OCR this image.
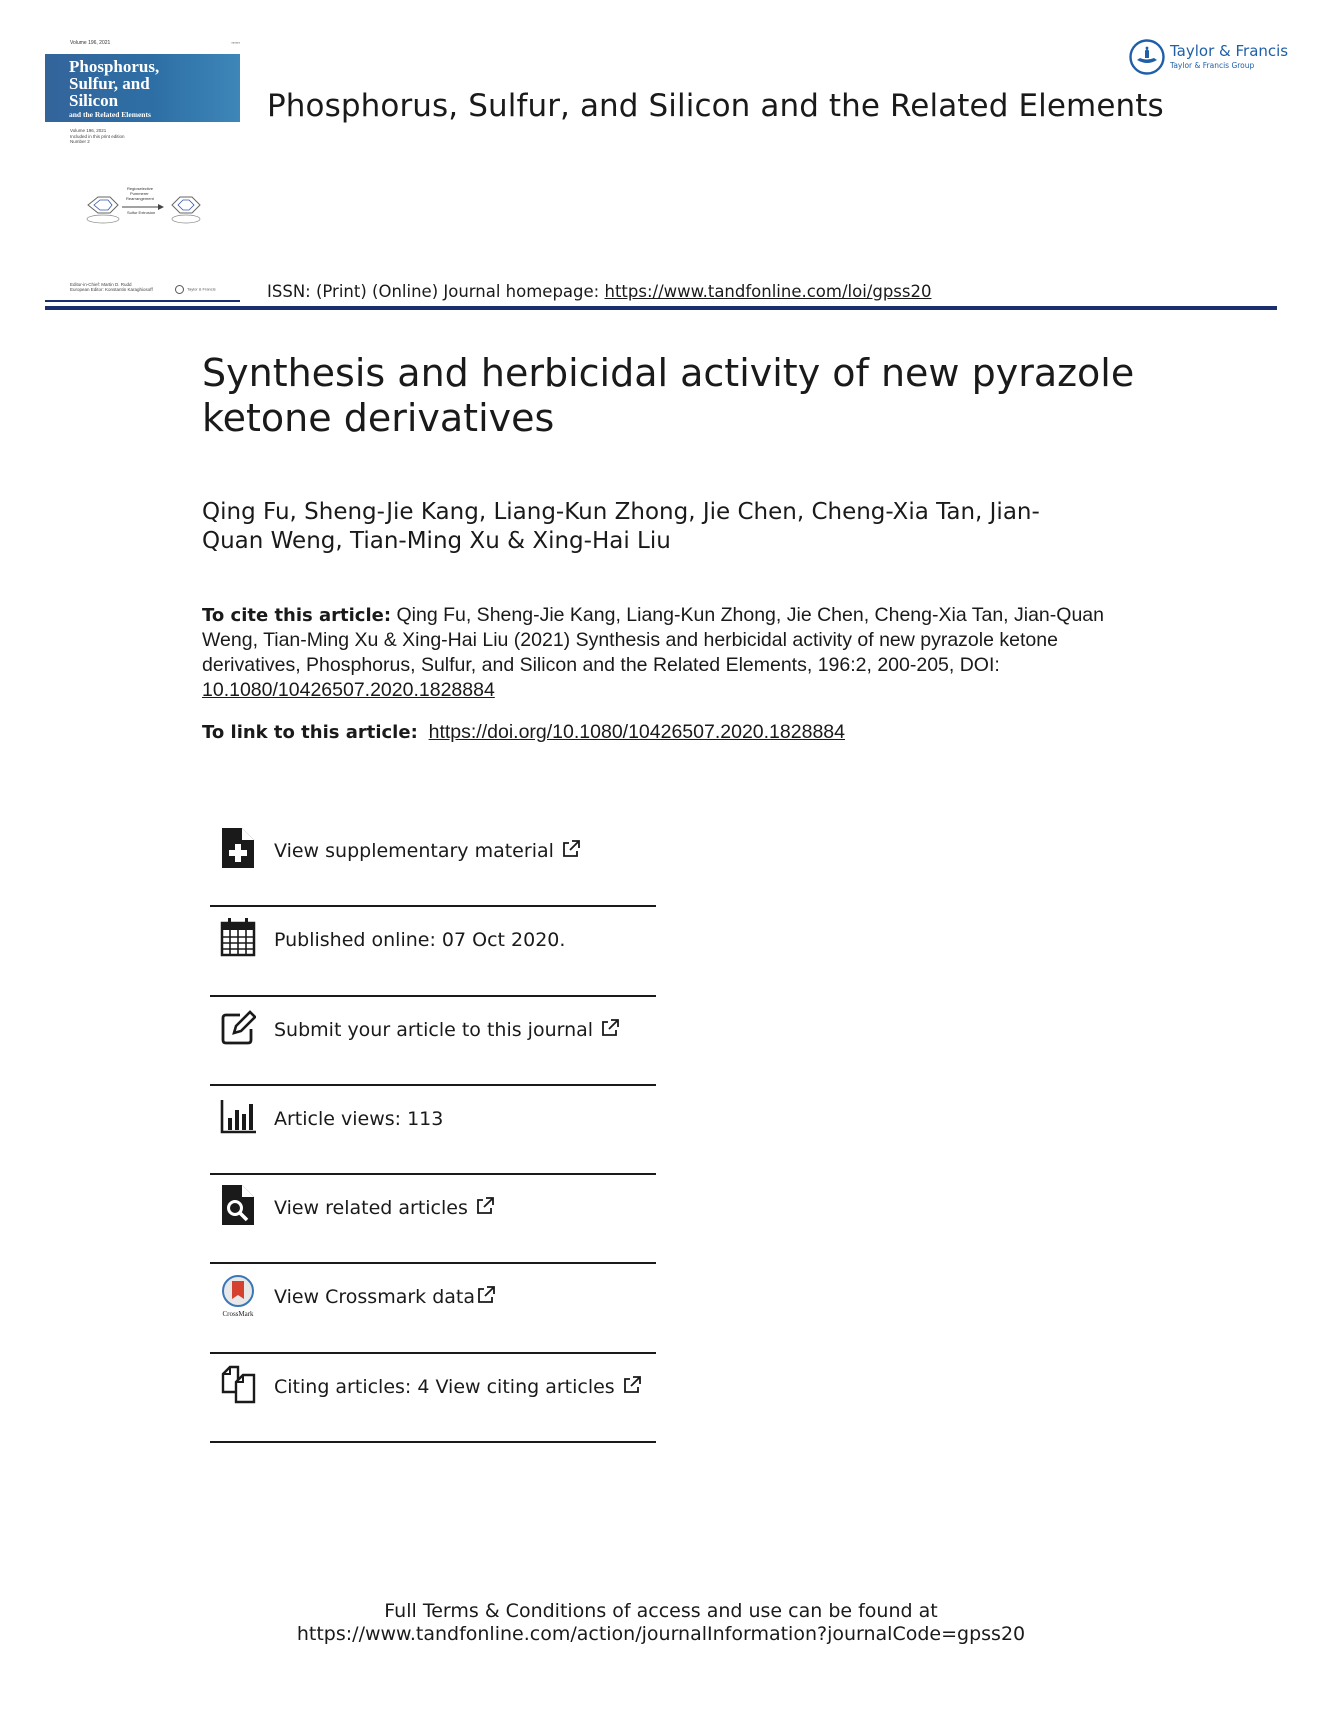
Volume 196, 2021	▪▪▪▪▪▪
Phosphorus,
Sulfur, and
Silicon
and the Related Elements
Volume 196, 2021
Included in this print edition
Number 2
Regioselective
Pummerer
Rearrangement
Sulfur Extrusion
Editor-in-Chief: Martin D. Rudd
European Editor: Konstantin Karaghiosoff	Taylor & Francis
Phosphorus, Sulfur, and Silicon and the Related Elements
Taylor & Francis
Taylor & Francis Group
ISSN: (Print) (Online) Journal homepage: https://www.tandfonline.com/loi/gpss20
Synthesis and herbicidal activity of new pyrazole ketone derivatives
Qing Fu, Sheng-Jie Kang, Liang-Kun Zhong, Jie Chen, Cheng-Xia Tan, Jian-Quan Weng, Tian-Ming Xu & Xing-Hai Liu
To cite this article: Qing Fu, Sheng-Jie Kang, Liang-Kun Zhong, Jie Chen, Cheng-Xia Tan, Jian-Quan Weng, Tian-Ming Xu & Xing-Hai Liu (2021) Synthesis and herbicidal activity of new pyrazole ketone derivatives, Phosphorus, Sulfur, and Silicon and the Related Elements, 196:2, 200-205, DOI: 10.1080/10426507.2020.1828884
To link to this article: https://doi.org/10.1080/10426507.2020.1828884
View supplementary material
Published online: 07 Oct 2020.
Submit your article to this journal
Article views: 113
View related articles
CrossMark
View Crossmark data
Citing articles: 4 View citing articles
Full Terms & Conditions of access and use can be found at
https://www.tandfonline.com/action/journalInformation?journalCode=gpss20
